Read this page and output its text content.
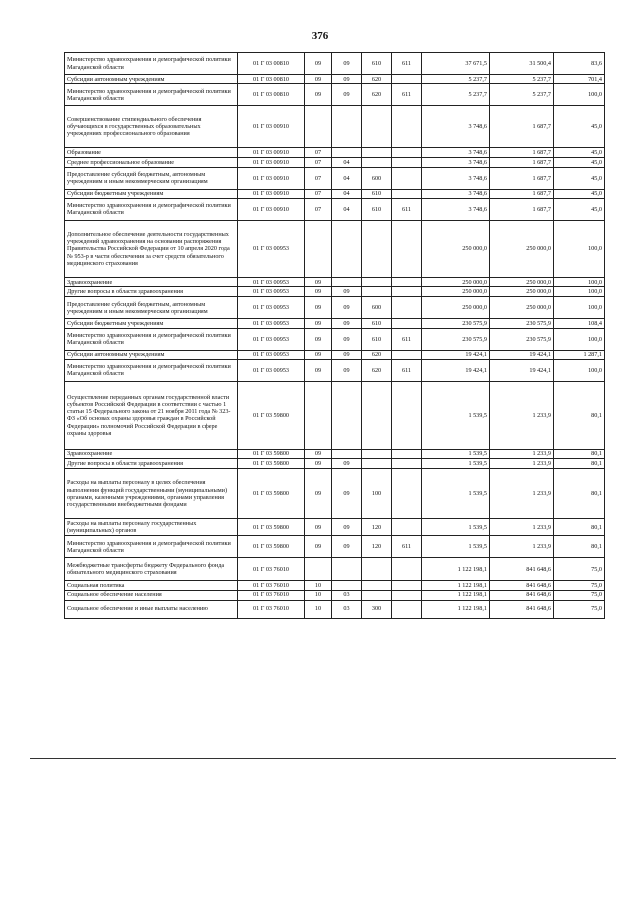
376
Министерство здравоохранения и демографической политики Магаданской области	01 Г 03 00810	09	09	610	611	37 671,5	31 500,4	83,6
Субсидии автономным учреждениям	01 Г 03 00810	09	09	620		5 237,7	5 237,7	701,4
Министерство здравоохранения и демографической политики Магаданской области	01 Г 03 00810	09	09	620	611	5 237,7	5 237,7	100,0
Совершенствование стипендиального обеспечения обучающихся в государственных образовательных учреждениях профессионального образования	01 Г 03 00910					3 748,6	1 687,7	45,0
Образование	01 Г 03 00910	07				3 748,6	1 687,7	45,0
Среднее профессиональное образование	01 Г 03 00910	07	04			3 748,6	1 687,7	45,0
Предоставление субсидий бюджетным, автономным учреждениям и иным некоммерческим организациям	01 Г 03 00910	07	04	600		3 748,6	1 687,7	45,0
Субсидии бюджетным учреждениям	01 Г 03 00910	07	04	610		3 748,6	1 687,7	45,0
Министерство здравоохранения и демографической политики Магаданской области	01 Г 03 00910	07	04	610	611	3 748,6	1 687,7	45,0
Дополнительное обеспечение деятельности государственных учреждений здравоохранения на основании распоряжения Правительства Российской Федерации от 10 апреля 2020 года № 953-р в части обеспечения за счет средств обязательного медицинского страхования	01 Г 03 00953					250 000,0	250 000,0	100,0
Здравоохранение	01 Г 03 00953	09				250 000,0	250 000,0	100,0
Другие вопросы в области здравоохранения	01 Г 03 00953	09	09			250 000,0	250 000,0	100,0
Предоставление субсидий бюджетным, автономным учреждениям и иным некоммерческим организациям	01 Г 03 00953	09	09	600		250 000,0	250 000,0	100,0
Субсидии бюджетным учреждениям	01 Г 03 00953	09	09	610		230 575,9	230 575,9	108,4
Министерство здравоохранения и демографической политики Магаданской области	01 Г 03 00953	09	09	610	611	230 575,9	230 575,9	100,0
Субсидии автономным учреждениям	01 Г 03 00953	09	09	620		19 424,1	19 424,1	1 287,1
Министерство здравоохранения и демографической политики Магаданской области	01 Г 03 00953	09	09	620	611	19 424,1	19 424,1	100,0
Осуществление переданных органам государственной власти субъектов Российской Федерации в соответствии с частью 1 статьи 15 Федерального закона от 21 ноября 2011 года № 323-ФЗ «Об основах охраны здоровья граждан в Российской Федерации» полномочий Российской Федерации в сфере охраны здоровья	01 Г 03 59800					1 539,5	1 233,9	80,1
Здравоохранение	01 Г 03 59800	09				1 539,5	1 233,9	80,1
Другие вопросы в области здравоохранения	01 Г 03 59800	09	09			1 539,5	1 233,9	80,1
Расходы на выплаты персоналу в целях обеспечения выполнения функций государственными (муниципальными) органами, казенными учреждениями, органами управления государственными внебюджетными фондами	01 Г 03 59800	09	09	100		1 539,5	1 233,9	80,1
Расходы на выплаты персоналу государственных (муниципальных) органов	01 Г 03 59800	09	09	120		1 539,5	1 233,9	80,1
Министерство здравоохранения и демографической политики Магаданской области	01 Г 03 59800	09	09	120	611	1 539,5	1 233,9	80,1
Межбюджетные трансферты бюджету Федерального фонда обязательного медицинского страхования	01 Г 03 76010					1 122 198,1	841 648,6	75,0
Социальная политика	01 Г 03 76010	10				1 122 198,1	841 648,6	75,0
Социальное обеспечение населения	01 Г 03 76010	10	03			1 122 198,1	841 648,6	75,0
Социальное обеспечение и иные выплаты населению	01 Г 03 76010	10	03	300		1 122 198,1	841 648,6	75,0
